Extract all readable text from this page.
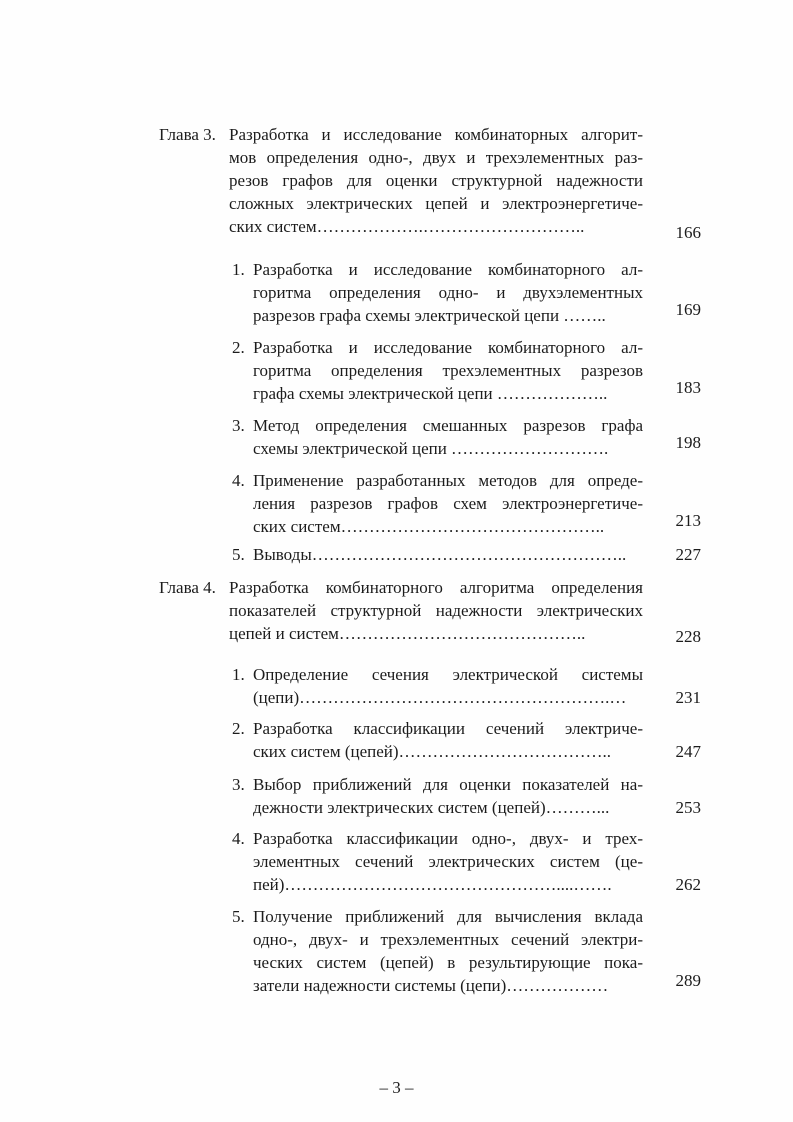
Глава 3. Разработка и исследование комбинаторных алгорит-
мов определения одно-, двух и трехэлементных раз-
резов графов для оценки структурной надежности
сложных электрических цепей и электроэнергетиче-
ских систем……………….………………………..	166
1. Разработка и исследование комбинаторного ал-
горитма определения одно- и двухэлементных
разрезов графа схемы электрической цепи ……..	169
2. Разработка и исследование комбинаторного ал-
горитма определения трехэлементных разрезов
графа схемы электрической цепи ………………..	183
3. Метод определения смешанных разрезов графа
схемы электрической цепи ……………………….	198
4. Применение разработанных методов для опреде-
ления разрезов графов схем электроэнергетиче-
ских систем………………………………………..	213
5. Выводы………………………………………………..	227
Глава 4. Разработка комбинаторного алгоритма определения
показателей структурной надежности электрических
цепей и систем……………………………………..	228
1. Определение сечения электрической системы
(цепи)……………………………………………….…	231
2. Разработка классификации сечений электриче-
ских систем (цепей)………………………………..	247
3. Выбор приближений для оценки показателей на-
дежности электрических систем (цепей)………...	253
4. Разработка классификации одно-, двух- и трех-
элементных сечений электрических систем (це-
пей)…………………………………………....…….	262
5. Получение приближений для вычисления вклада
одно-, двух- и трехэлементных сечений электри-
ческих систем (цепей) в результирующие пока-
затели надежности системы (цепи)………………	289
– 3 –
